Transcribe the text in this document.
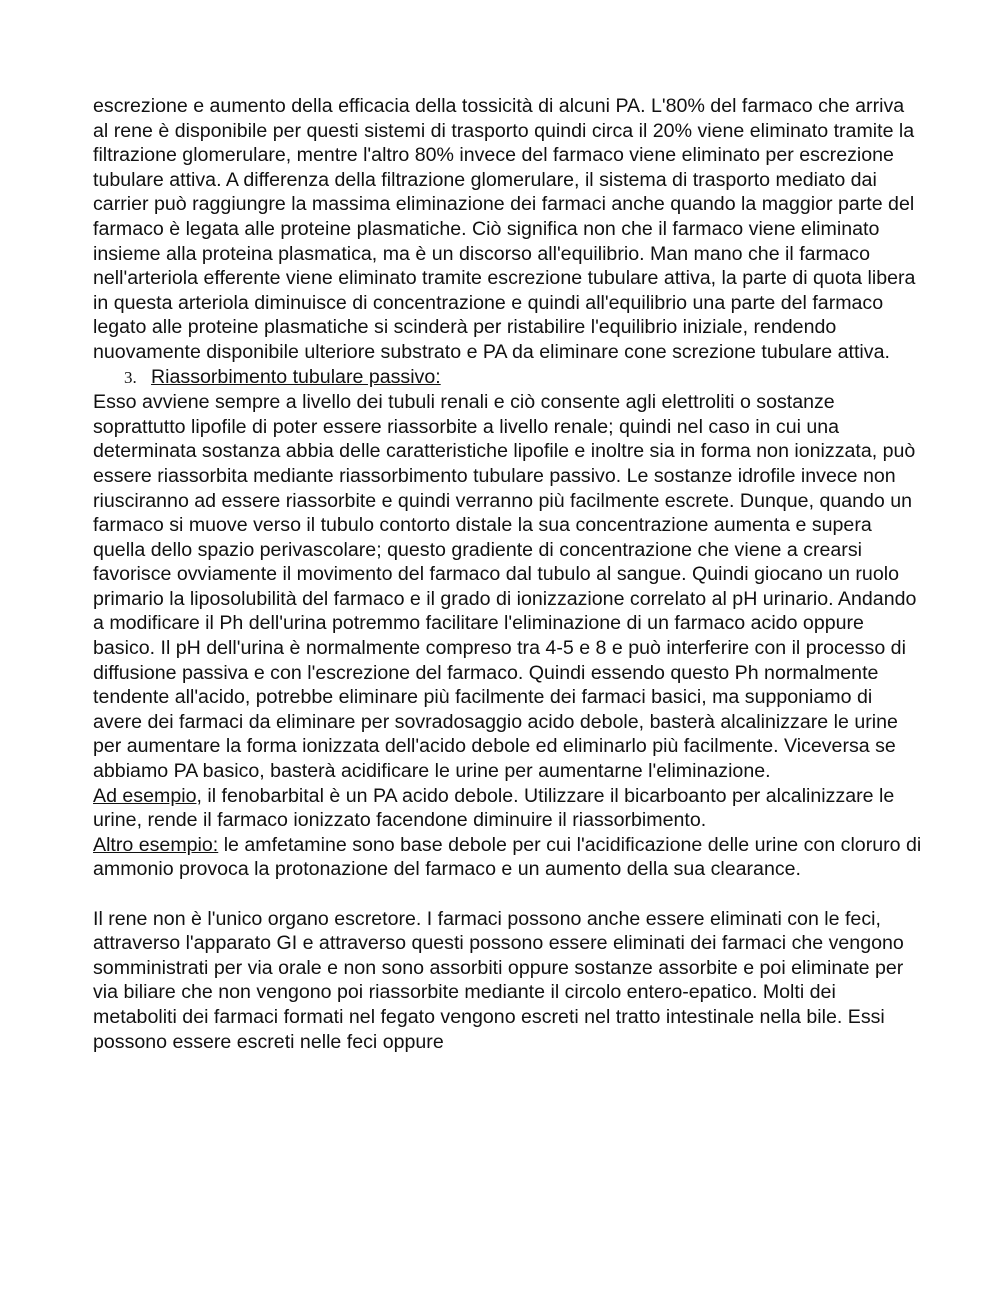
escrezione e aumento della efficacia della tossicità di alcuni PA. L'80% del farmaco che arriva al rene è disponibile per questi sistemi di trasporto quindi circa il 20% viene eliminato tramite la filtrazione glomerulare, mentre l'altro 80% invece del farmaco viene eliminato per escrezione tubulare attiva. A differenza della filtrazione glomerulare, il sistema di trasporto mediato dai carrier può raggiungre la massima eliminazione dei farmaci anche quando la maggior parte del farmaco è legata alle proteine plasmatiche. Ciò significa non che il farmaco viene eliminato insieme alla proteina plasmatica, ma è un discorso all'equilibrio. Man mano che il farmaco nell'arteriola efferente viene eliminato tramite escrezione tubulare attiva, la parte di quota libera in questa arteriola diminuisce di concentrazione e quindi all'equilibrio una parte del farmaco legato alle proteine plasmatiche si scinderà per ristabilire l'equilibrio iniziale, rendendo nuovamente disponibile ulteriore substrato e PA da eliminare cone screzione tubulare attiva.

3. Riassorbimento tubulare passivo:

Esso avviene sempre a livello dei tubuli renali e ciò consente agli elettroliti o sostanze soprattutto lipofile di poter essere riassorbite a livello renale; quindi nel caso in cui una determinata sostanza abbia delle caratteristiche lipofile e inoltre sia in forma non ionizzata, può essere riassorbita mediante riassorbimento tubulare passivo. Le sostanze idrofile invece non riusciranno ad essere riassorbite e quindi verranno più facilmente escrete. Dunque, quando un farmaco si muove verso il tubulo contorto distale la sua concentrazione aumenta e supera quella dello spazio perivascolare; questo gradiente di concentrazione che viene a crearsi favorisce ovviamente il movimento del farmaco dal tubulo al sangue. Quindi giocano un ruolo primario la liposolubilità del farmaco e il grado di ionizzazione correlato al pH urinario. Andando a modificare il Ph dell'urina potremmo facilitare l'eliminazione di un farmaco acido oppure basico. Il pH dell'urina è normalmente compreso tra 4-5 e 8 e può interferire con il processo di diffusione passiva e con l'escrezione del farmaco. Quindi essendo questo Ph normalmente tendente all'acido, potrebbe eliminare più facilmente dei farmaci basici, ma supponiamo di avere dei farmaci da eliminare per sovradosaggio acido debole, basterà alcalinizzare le urine per aumentare la forma ionizzata dell'acido debole ed eliminarlo più facilmente. Viceversa se abbiamo PA basico, basterà acidificare le urine per aumentarne l'eliminazione.

Ad esempio, il fenobarbital è un PA acido debole. Utilizzare il bicarboanto per alcalinizzare le urine, rende il farmaco ionizzato facendone diminuire il riassorbimento.

Altro esempio: le amfetamine sono base debole per cui l'acidificazione delle urine con cloruro di ammonio provoca la protonazione del farmaco e un aumento della sua clearance.

Il rene non è l'unico organo escretore. I farmaci possono anche essere eliminati con le feci, attraverso l'apparato GI e attraverso questi possono essere eliminati dei farmaci che vengono somministrati per via orale e non sono assorbiti oppure sostanze assorbite e poi eliminate per via biliare che non vengono poi riassorbite mediante il circolo entero-epatico. Molti dei metaboliti dei farmaci formati nel fegato vengono escreti nel tratto intestinale nella bile. Essi possono essere escreti nelle feci oppure
